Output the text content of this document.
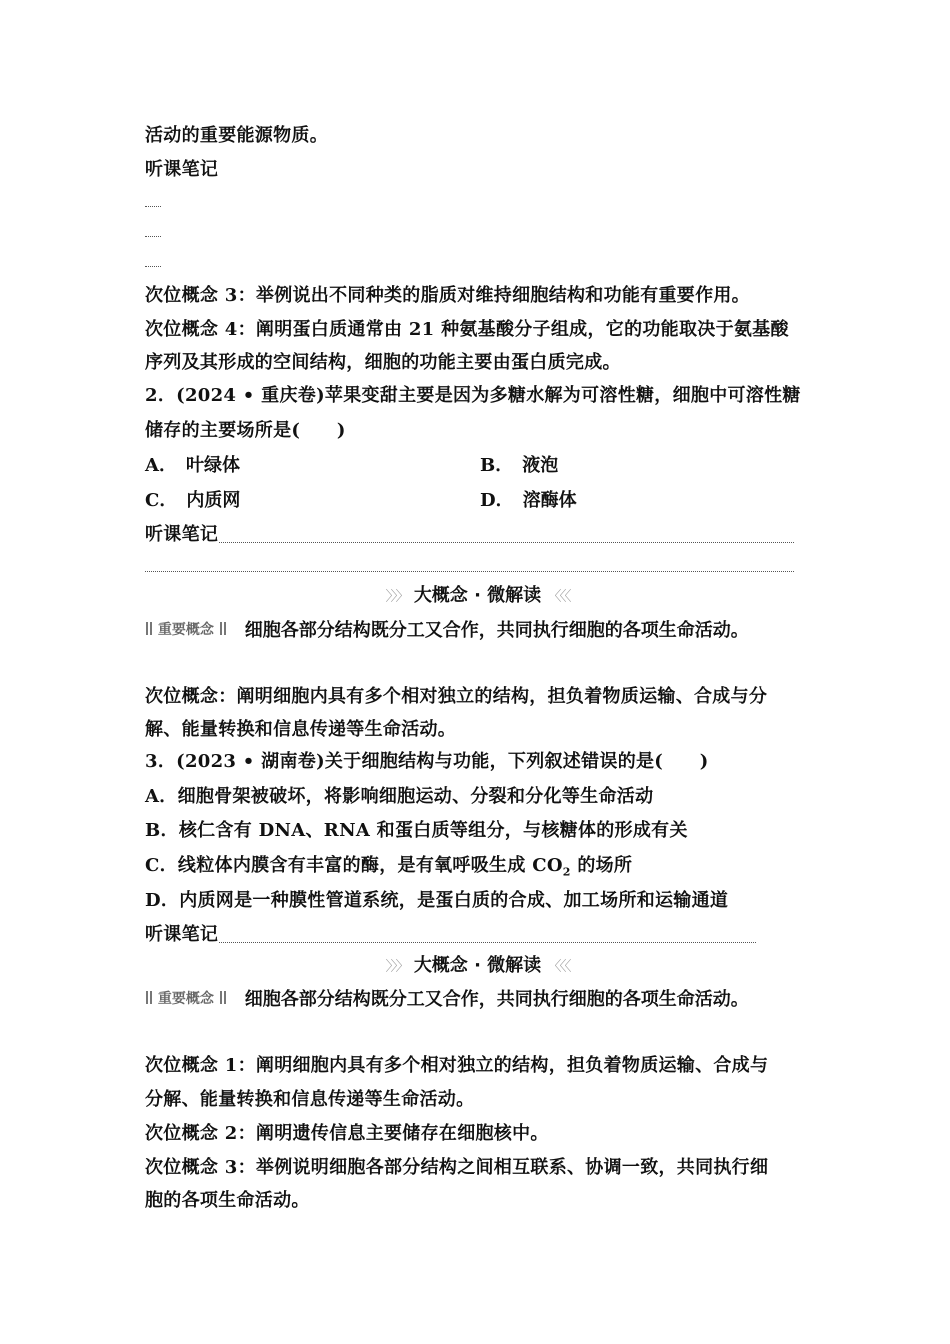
活动的重要能源物质。
听课笔记
次位概念 3：举例说出不同种类的脂质对维持细胞结构和功能有重要作用。
次位概念 4：阐明蛋白质通常由 21 种氨基酸分子组成，它的功能取决于氨基酸
序列及其形成的空间结构，细胞的功能主要由蛋白质完成。
2．(2024 • 重庆卷)苹果变甜主要是因为多糖水解为可溶性糖，细胞中可溶性糖
储存的主要场所是(　　)
A．　叶绿体	B．　液泡
C．　内质网	D．　溶酶体
听课笔记
〉〉〉 大概念 · 微解读 〈〈〈
重要概念 细胞各部分结构既分工又合作，共同执行细胞的各项生命活动。
次位概念：阐明细胞内具有多个相对独立的结构，担负着物质运输、合成与分
解、能量转换和信息传递等生命活动。
3．(2023 • 湖南卷)关于细胞结构与功能，下列叙述错误的是(　　)
A．细胞骨架被破坏，将影响细胞运动、分裂和分化等生命活动
B．核仁含有 DNA、RNA 和蛋白质等组分，与核糖体的形成有关
C．线粒体内膜含有丰富的酶，是有氧呼吸生成 $CO_2$ 的场所
D．内质网是一种膜性管道系统，是蛋白质的合成、加工场所和运输通道
听课笔记
〉〉〉 大概念 · 微解读 〈〈〈
重要概念 细胞各部分结构既分工又合作，共同执行细胞的各项生命活动。
次位概念 1：阐明细胞内具有多个相对独立的结构，担负着物质运输、合成与
分解、能量转换和信息传递等生命活动。
次位概念 2：阐明遗传信息主要储存在细胞核中。
次位概念 3：举例说明细胞各部分结构之间相互联系、协调一致，共同执行细
胞的各项生命活动。
